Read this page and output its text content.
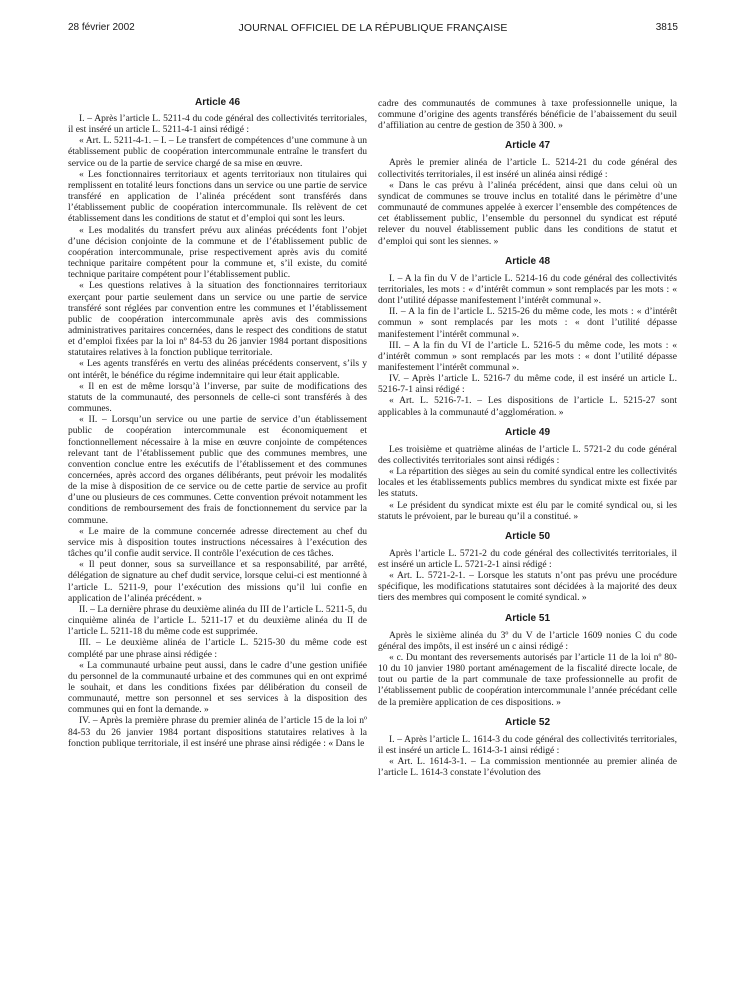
28 février 2002	JOURNAL OFFICIEL DE LA RÉPUBLIQUE FRANÇAISE	3815
Article 46

I. – Après l’article L. 5211-4 du code général des collectivités territoriales, il est inséré un article L. 5211-4-1 ainsi rédigé :

« Art. L. 5211-4-1. – I. – Le transfert de compétences d’une commune à un établissement public de coopération intercommunale entraîne le transfert du service ou de la partie de service chargé de sa mise en œuvre.

« Les fonctionnaires territoriaux et agents territoriaux non titulaires qui remplissent en totalité leurs fonctions dans un service ou une partie de service transféré en application de l’alinéa précédent sont transférés dans l’établissement public de coopération intercommunale. Ils relèvent de cet établissement dans les conditions de statut et d’emploi qui sont les leurs.

« Les modalités du transfert prévu aux alinéas précédents font l’objet d’une décision conjointe de la commune et de l’établissement public de coopération intercommunale, prise respectivement après avis du comité technique paritaire compétent pour la commune et, s’il existe, du comité technique paritaire compétent pour l’établissement public.

« Les questions relatives à la situation des fonctionnaires territoriaux exerçant pour partie seulement dans un service ou une partie de service transféré sont réglées par convention entre les communes et l’établissement public de coopération intercommunale après avis des commissions administratives paritaires concernées, dans le respect des conditions de statut et d’emploi fixées par la loi nº 84-53 du 26 janvier 1984 portant dispositions statutaires relatives à la fonction publique territoriale.

« Les agents transférés en vertu des alinéas précédents conservent, s’ils y ont intérêt, le bénéfice du régime indemnitaire qui leur était applicable.

« Il en est de même lorsqu’à l’inverse, par suite de modifications des statuts de la communauté, des personnels de celle-ci sont transférés à des communes.

« II. – Lorsqu’un service ou une partie de service d’un établissement public de coopération intercommunale est économiquement et fonctionnellement nécessaire à la mise en œuvre conjointe de compétences relevant tant de l’établissement public que des communes membres, une convention conclue entre les exécutifs de l’établissement et des communes concernées, après accord des organes délibérants, peut prévoir les modalités de la mise à disposition de ce service ou de cette partie de service au profit d’une ou plusieurs de ces communes. Cette convention prévoit notamment les conditions de remboursement des frais de fonctionnement du service par la commune.

« Le maire de la commune concernée adresse directement au chef du service mis à disposition toutes instructions nécessaires à l’exécution des tâches qu’il confie audit service. Il contrôle l’exécution de ces tâches.

« Il peut donner, sous sa surveillance et sa responsabilité, par arrêté, délégation de signature au chef dudit service, lorsque celui-ci est mentionné à l’article L. 5211-9, pour l’exécution des missions qu’il lui confie en application de l’alinéa précédent. »

II. – La dernière phrase du deuxième alinéa du III de l’article L. 5211-5, du cinquième alinéa de l’article L. 5211-17 et du deuxième alinéa du II de l’article L. 5211-18 du même code est supprimée.

III. – Le deuxième alinéa de l’article L. 5215-30 du même code est complété par une phrase ainsi rédigée :

« La communauté urbaine peut aussi, dans le cadre d’une gestion unifiée du personnel de la communauté urbaine et des communes qui en ont exprimé le souhait, et dans les conditions fixées par délibération du conseil de communauté, mettre son personnel et ses services à la disposition des communes qui en font la demande. »

IV. – Après la première phrase du premier alinéa de l’article 15 de la loi nº 84-53 du 26 janvier 1984 portant dispositions statutaires relatives à la fonction publique territoriale, il est inséré une phrase ainsi rédigée : « Dans le

cadre des communautés de communes à taxe professionnelle unique, la commune d’origine des agents transférés bénéficie de l’abaissement du seuil d’affiliation au centre de gestion de 350 à 300. »

Article 47

Après le premier alinéa de l’article L. 5214-21 du code général des collectivités territoriales, il est inséré un alinéa ainsi rédigé :

« Dans le cas prévu à l’alinéa précédent, ainsi que dans celui où un syndicat de communes se trouve inclus en totalité dans le périmètre d’une communauté de communes appelée à exercer l’ensemble des compétences de cet établissement public, l’ensemble du personnel du syndicat est réputé relever du nouvel établissement public dans les conditions de statut et d’emploi qui sont les siennes. »

Article 48

I. – A la fin du V de l’article L. 5214-16 du code général des collectivités territoriales, les mots : « d’intérêt commun » sont remplacés par les mots : « dont l’utilité dépasse manifestement l’intérêt communal ».

II. – A la fin de l’article L. 5215-26 du même code, les mots : « d’intérêt commun » sont remplacés par les mots : « dont l’utilité dépasse manifestement l’intérêt communal ».

III. – A la fin du VI de l’article L. 5216-5 du même code, les mots : « d’intérêt commun » sont remplacés par les mots : « dont l’utilité dépasse manifestement l’intérêt communal ».

IV. – Après l’article L. 5216-7 du même code, il est inséré un article L. 5216-7-1 ainsi rédigé :

« Art. L. 5216-7-1. – Les dispositions de l’article L. 5215-27 sont applicables à la communauté d’agglomération. »

Article 49

Les troisième et quatrième alinéas de l’article L. 5721-2 du code général des collectivités territoriales sont ainsi rédigés :

« La répartition des sièges au sein du comité syndical entre les collectivités locales et les établissements publics membres du syndicat mixte est fixée par les statuts.

« Le président du syndicat mixte est élu par le comité syndical ou, si les statuts le prévoient, par le bureau qu’il a constitué. »

Article 50

Après l’article L. 5721-2 du code général des collectivités territoriales, il est inséré un article L. 5721-2-1 ainsi rédigé :

« Art. L. 5721-2-1. – Lorsque les statuts n’ont pas prévu une procédure spécifique, les modifications statutaires sont décidées à la majorité des deux tiers des membres qui composent le comité syndical. »

Article 51

Après le sixième alinéa du 3º du V de l’article 1609 nonies C du code général des impôts, il est inséré un c ainsi rédigé :

« c. Du montant des reversements autorisés par l’article 11 de la loi nº 80-10 du 10 janvier 1980 portant aménagement de la fiscalité directe locale, de tout ou partie de la part communale de taxe professionnelle au profit de l’établissement public de coopération intercommunale l’année précédant celle de la première application de ces dispositions. »

Article 52

I. – Après l’article L. 1614-3 du code général des collectivités territoriales, il est inséré un article L. 1614-3-1 ainsi rédigé :

« Art. L. 1614-3-1. – La commission mentionnée au premier alinéa de l’article L. 1614-3 constate l’évolution des
